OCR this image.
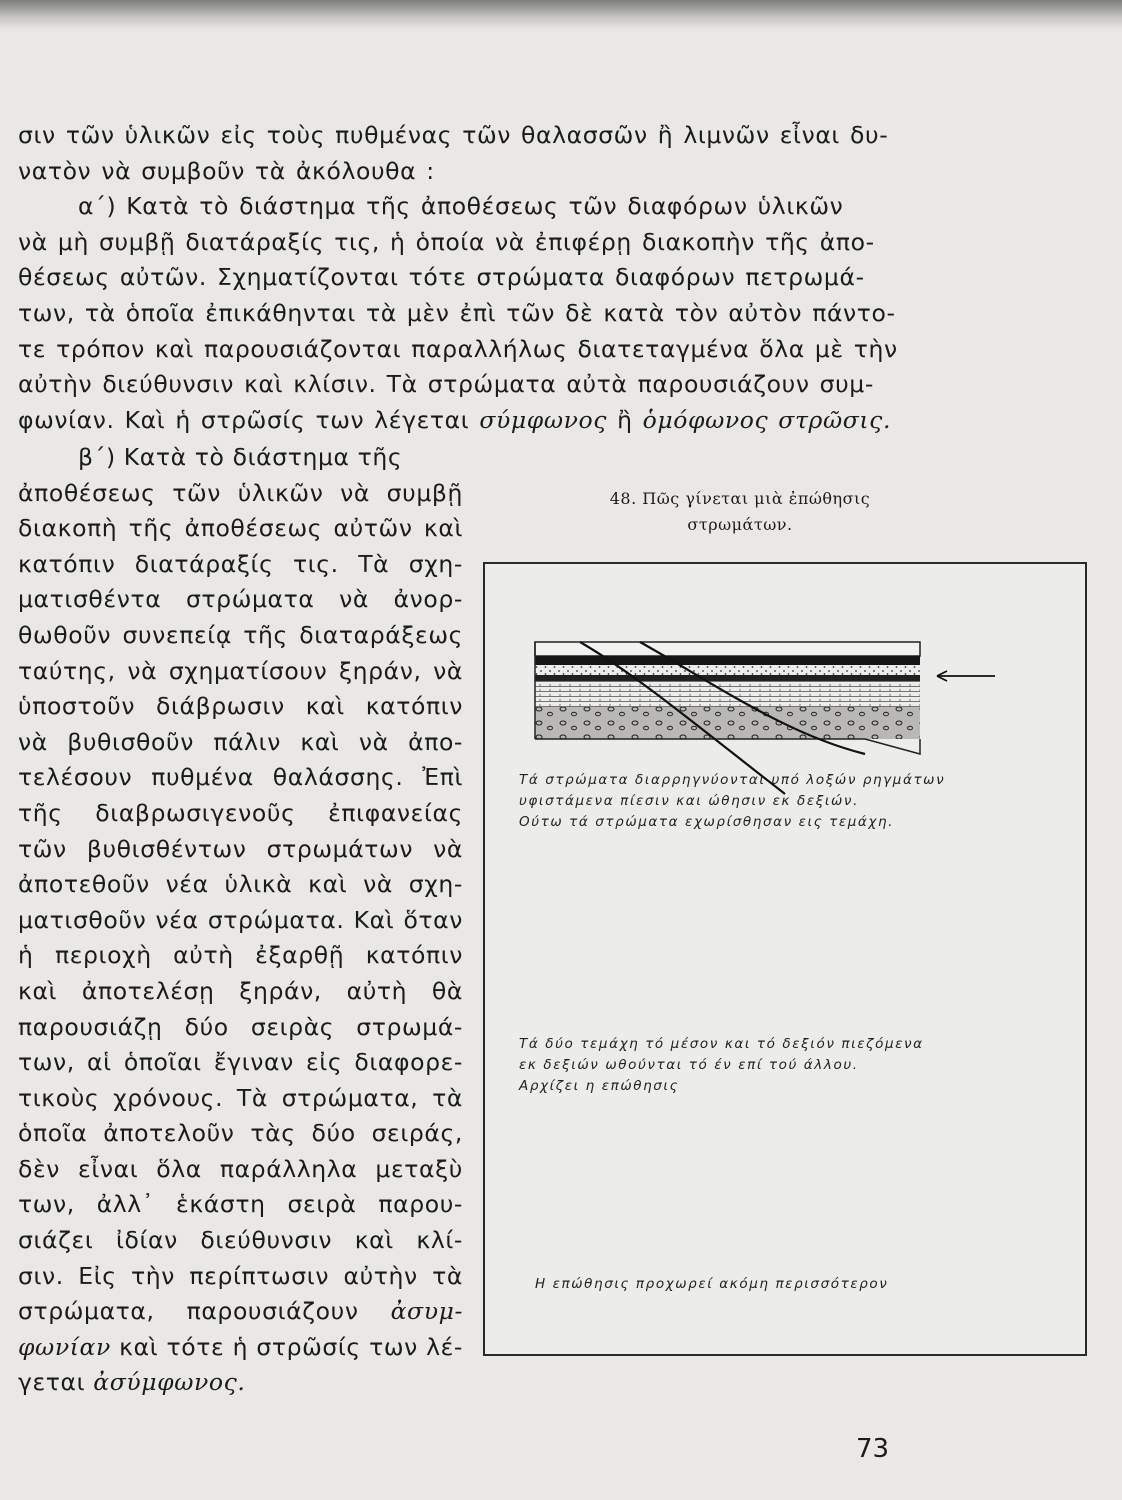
σιν τῶν ὑλικῶν εἰς τοὺς πυθμένας τῶν θαλασσῶν ἢ λιμνῶν εἶναι δυ-
νατὸν νὰ συμβοῦν τὰ ἀκόλουθα :
α΄) Κατὰ τὸ διάστημα τῆς ἀποθέσεως τῶν διαφόρων ὑλικῶν
νὰ μὴ συμβῇ διατάραξίς τις, ἡ ὁποία νὰ ἐπιφέρῃ διακοπὴν τῆς ἀπο-
θέσεως αὐτῶν. Σχηματίζονται τότε στρώματα διαφόρων πετρωμά-
των, τὰ ὁποῖα ἐπικάθηνται τὰ μὲν ἐπὶ τῶν δὲ κατὰ τὸν αὐτὸν πάντο-
τε τρόπον καὶ παρουσιάζονται παραλλήλως διατεταγμένα ὅλα μὲ τὴν
αὐτὴν διεύθυνσιν καὶ κλίσιν. Τὰ στρώματα αὐτὰ παρουσιάζουν συμ-
φωνίαν. Καὶ ἡ στρῶσίς των λέγεται σύμφωνος ἢ ὁμόφωνος στρῶσις.
β΄) Κατὰ τὸ διάστημα τῆς
ἀποθέσεως τῶν ὑλικῶν νὰ συμβῇ
διακοπὴ τῆς ἀποθέσεως αὐτῶν καὶ
κατόπιν διατάραξίς τις. Τὰ σχη-
ματισθέντα στρώματα νὰ ἀνορ-
θωθοῦν συνεπείᾳ τῆς διαταράξεως
ταύτης, νὰ σχηματίσουν ξηράν, νὰ
ὑποστοῦν διάβρωσιν καὶ κατόπιν
νὰ βυθισθοῦν πάλιν καὶ νὰ ἀπο-
τελέσουν πυθμένα θαλάσσης. Ἐπὶ
τῆς διαβρωσιγενοῦς ἐπιφανείας
τῶν βυθισθέντων στρωμάτων νὰ
ἀποτεθοῦν νέα ὑλικὰ καὶ νὰ σχη-
ματισθοῦν νέα στρώματα. Καὶ ὅταν
ἡ περιοχὴ αὐτὴ ἐξαρθῇ κατόπιν
καὶ ἀποτελέσῃ ξηράν, αὐτὴ θὰ
παρουσιάζῃ δύο σειρὰς στρωμά-
των, αἱ ὁποῖαι ἔγιναν εἰς διαφορε-
τικοὺς χρόνους. Τὰ στρώματα, τὰ
ὁποῖα ἀποτελοῦν τὰς δύο σειράς,
δὲν εἶναι ὅλα παράλληλα μεταξὺ
των, ἀλλ᾽ ἑκάστη σειρὰ παρου-
σιάζει ἰδίαν διεύθυνσιν καὶ κλί-
σιν. Εἰς τὴν περίπτωσιν αὐτὴν τὰ
στρώματα, παρουσιάζουν ἀσυμ-
φωνίαν καὶ τότε ἡ στρῶσίς των λέ-
γεται ἀσύμφωνος.
48. Πῶς γίνεται μιὰ ἐπώθησις
στρωμάτων.
Τά στρώματα διαρρηγνύονται υπό λοξών ρηγμάτων
υφιστάμενα πίεσιν και ώθησιν εκ δεξιών.
Ούτω τά στρώματα εχωρίσθησαν εις τεμάχη.
Τά δύο τεμάχη τό μέσον και τό δεξιόν πιεζόμενα
εκ δεξιών ωθούνται τό έν επί τού άλλου.
Αρχίζει η επώθησις
Η επώθησις προχωρεί ακόμη περισσότερον
73
